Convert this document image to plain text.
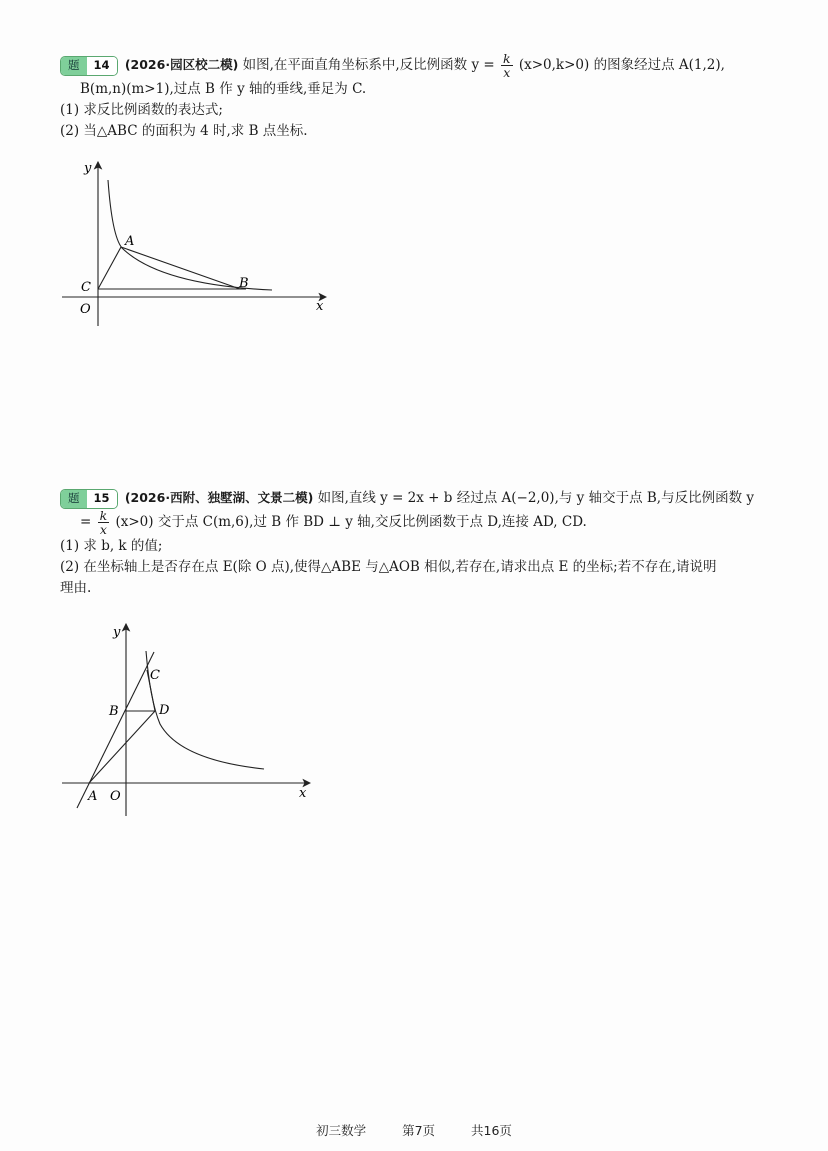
题	14	(2026·园区校二模) 如图,在平面直角坐标系中,反比例函数 $y = \frac{k}{x} (x>0,k>0)$ 的图象经过点 A(1,2),
B(m,n)(m>1),过点 B 作 y 轴的垂线,垂足为 C.
(1) 求反比例函数的表达式;
(2) 当△ABC 的面积为 4 时,求 B 点坐标.
y
x
O
A
B
C
题	15	(2026·西附、独墅湖、文景二模) 如图,直线 y = 2x + b 经过点 A(−2,0),与 y 轴交于点 B,与反比例函数 y
= $\frac{k}{x} (x>0)$ 交于点 C(m,6),过 B 作 BD ⊥ y 轴,交反比例函数于点 D,连接 AD, CD.
(1) 求 b, k 的值;
(2) 在坐标轴上是否存在点 E(除 O 点),使得△ABE 与△AOB 相似,若存在,请求出点 E 的坐标;若不存在,请说明
理由.
y
x
O
A
B
C
D
初三数学	第7页	共16页
